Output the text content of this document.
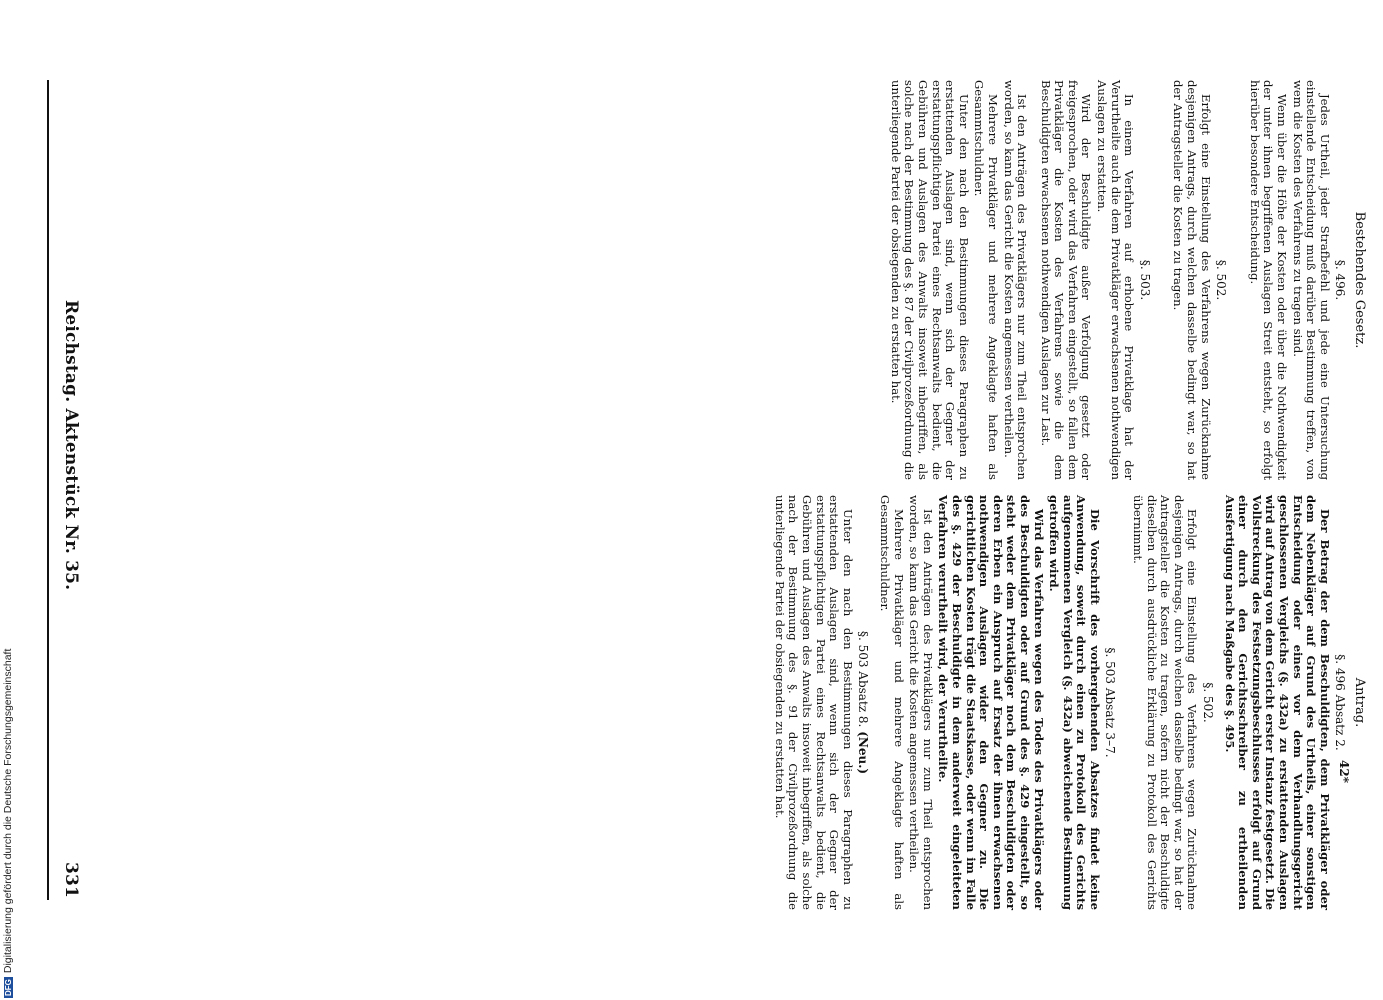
Reichstag. Aktenstück Nr. 35.
331
Bestehendes Gesetz.
§. 496.

Jedes Urtheil, jeder Strafbefehl und jede eine Untersuchung einstellende Entscheidung muß darüber Bestimmung treffen, von wem die Kosten des Verfahrens zu tragen sind.

Wenn über die Höhe der Kosten oder über die Nothwendigkeit der unter ihnen begriffenen Auslagen Streit entsteht, so erfolgt hierüber besondere Entscheidung.

§. 502.

Erfolgt eine Einstellung des Verfahrens wegen Zurücknahme desjenigen Antrags, durch welchen dasselbe bedingt war, so hat der Antragsteller die Kosten zu tragen.

§. 503.

In einem Verfahren auf erhobene Privatklage hat der Verurtheilte auch die dem Privatkläger erwachsenen nothwendigen Auslagen zu erstatten.

Wird der Beschuldigte außer Verfolgung gesetzt oder freigesprochen, oder wird das Verfahren eingestellt, so fallen dem Privatkläger die Kosten des Verfahrens sowie die dem Beschuldigten erwachsenen nothwendigen Auslagen zur Last.

Ist den Anträgen des Privatklägers nur zum Theil entsprochen worden, so kann das Gericht die Kosten angemessen vertheilen.

Mehrere Privatkläger und mehrere Angeklagte haften als Gesammtschuldner.

Unter den nach den Bestimmungen dieses Paragraphen zu erstattenden Auslagen sind, wenn sich der Gegner der erstattungspflichtigen Partei eines Rechtsanwalts bedient, die Gebühren und Auslagen des Anwalts insoweit inbegriffen, als solche nach der Bestimmung des §. 87 der Civilprozeßordnung die unterliegende Partei der obsiegenden zu erstatten hat.

Antrag.
§. 496 Absatz 2.

Der Betrag der dem Beschuldigten, dem Privatkläger oder dem Nebenkläger auf Grund des Urtheils, einer sonstigen Entscheidung oder eines vor dem Verhandlungsgericht geschlossenen Vergleichs (§. 432a) zu erstattenden Auslagen wird auf Antrag von dem Gericht erster Instanz festgesetzt. Die Vollstreckung des Festsetzungsbeschlusses erfolgt auf Grund einer durch den Gerichtsschreiber zu ertheilenden Ausfertigung nach Maßgabe des §. 495.

§. 502.

Erfolgt eine Einstellung des Verfahrens wegen Zurücknahme desjenigen Antrags, durch welchen dasselbe bedingt war, so hat der Antragsteller die Kosten zu tragen, sofern nicht der Beschuldigte dieselben durch ausdrückliche Erklärung zu Protokoll des Gerichts übernimmt.

§. 503 Absatz 3–7.

Die Vorschrift des vorhergehenden Absatzes findet keine Anwendung, soweit durch einen zu Protokoll des Gerichts aufgenommenen Vergleich (§. 432a) abweichende Bestimmung getroffen wird.

Wird das Verfahren wegen des Todes des Privatklägers oder des Beschuldigten oder auf Grund des §. 429 eingestellt, so steht weder dem Privatkläger noch dem Beschuldigten oder deren Erben ein Anspruch auf Ersatz der ihnen erwachsenen nothwendigen Auslagen wider den Gegner zu. Die gerichtlichen Kosten trägt die Staatskasse, oder wenn im Falle des §. 429 der Beschuldigte in dem anderweit eingeleiteten Verfahren verurtheilt wird, der Verurtheilte.

Ist den Anträgen des Privatklägers nur zum Theil entsprochen worden, so kann das Gericht die Kosten angemessen vertheilen.

Mehrere Privatkläger und mehrere Angeklagte haften als Gesammtschuldner.

§. 503 Absatz 8. (Neu.)

Unter den nach den Bestimmungen dieses Paragraphen zu erstattenden Auslagen sind, wenn sich der Gegner der erstattungspflichtigen Partei eines Rechtsanwalts bedient, die Gebühren und Auslagen des Anwalts insoweit inbegriffen, als solche nach der Bestimmung des §. 91 der Civilprozeßordnung die unterliegende Partei der obsiegenden zu erstatten hat.	42*
DFGDigitalisierung gefördert durch die Deutsche Forschungsgemeinschaft
